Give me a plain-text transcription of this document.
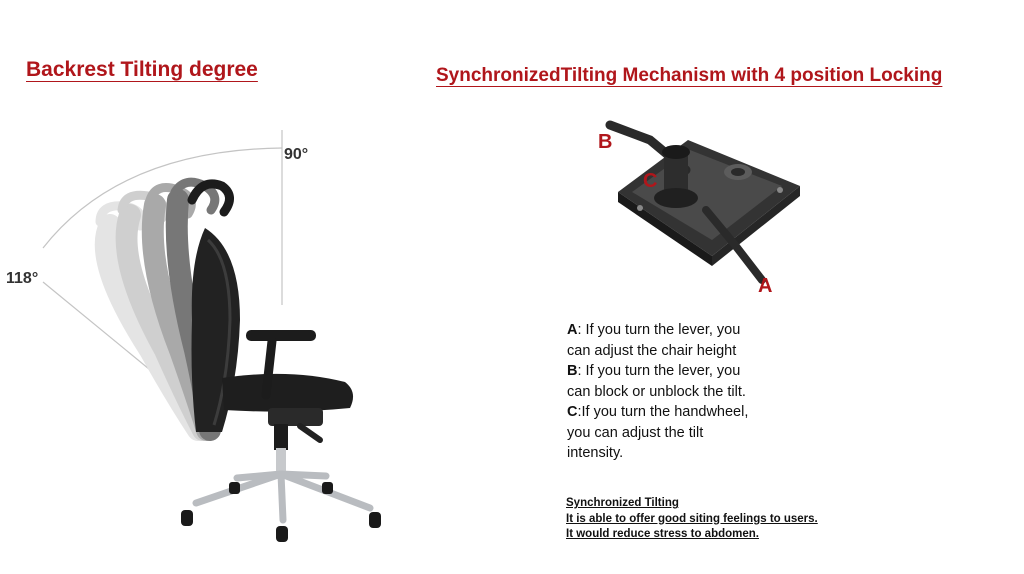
Backrest Tilting degree	SynchronizedTilting Mechanism with 4 position Locking
90°
118°
B
C
A
A: If you turn the lever, you
can adjust the chair height
B: If you turn the lever, you
can block or unblock the tilt.
C:If you turn the handwheel,
you can adjust the tilt
intensity.
Synchronized Tilting
It is able to offer good siting feelings to users.
It would reduce stress to abdomen.
